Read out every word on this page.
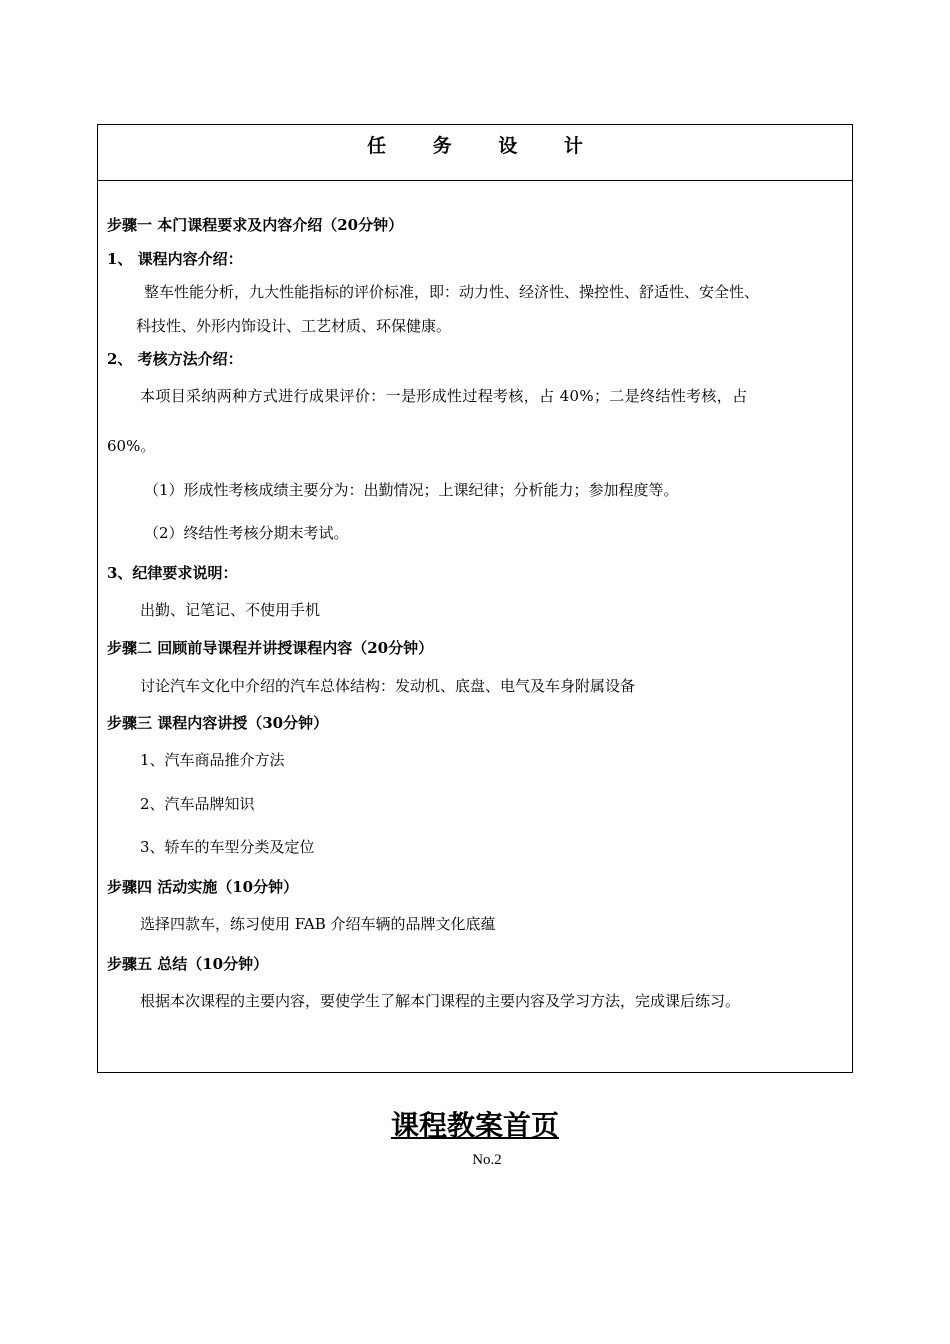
任 务 设 计
步骤一 本门课程要求及内容介绍（20分钟）
1、 课程内容介绍：
整车性能分析，九大性能指标的评价标准，即：动力性、经济性、操控性、舒适性、安全性、
科技性、外形内饰设计、工艺材质、环保健康。
2、 考核方法介绍：
本项目采纳两种方式进行成果评价：一是形成性过程考核，占 40%；二是终结性考核，占
60%。
（1）形成性考核成绩主要分为：出勤情况；上课纪律；分析能力；参加程度等。
（2）终结性考核分期末考试。
3、纪律要求说明：
出勤、记笔记、不使用手机
步骤二 回顾前导课程并讲授课程内容（20分钟）
讨论汽车文化中介绍的汽车总体结构：发动机、底盘、电气及车身附属设备
步骤三 课程内容讲授（30分钟）
1、汽车商品推介方法
2、汽车品牌知识
3、轿车的车型分类及定位
步骤四 活动实施（10分钟）
选择四款车，练习使用 FAB 介绍车辆的品牌文化底蕴
步骤五 总结（10分钟）
根据本次课程的主要内容，要使学生了解本门课程的主要内容及学习方法，完成课后练习。
课程教案首页
No.2
